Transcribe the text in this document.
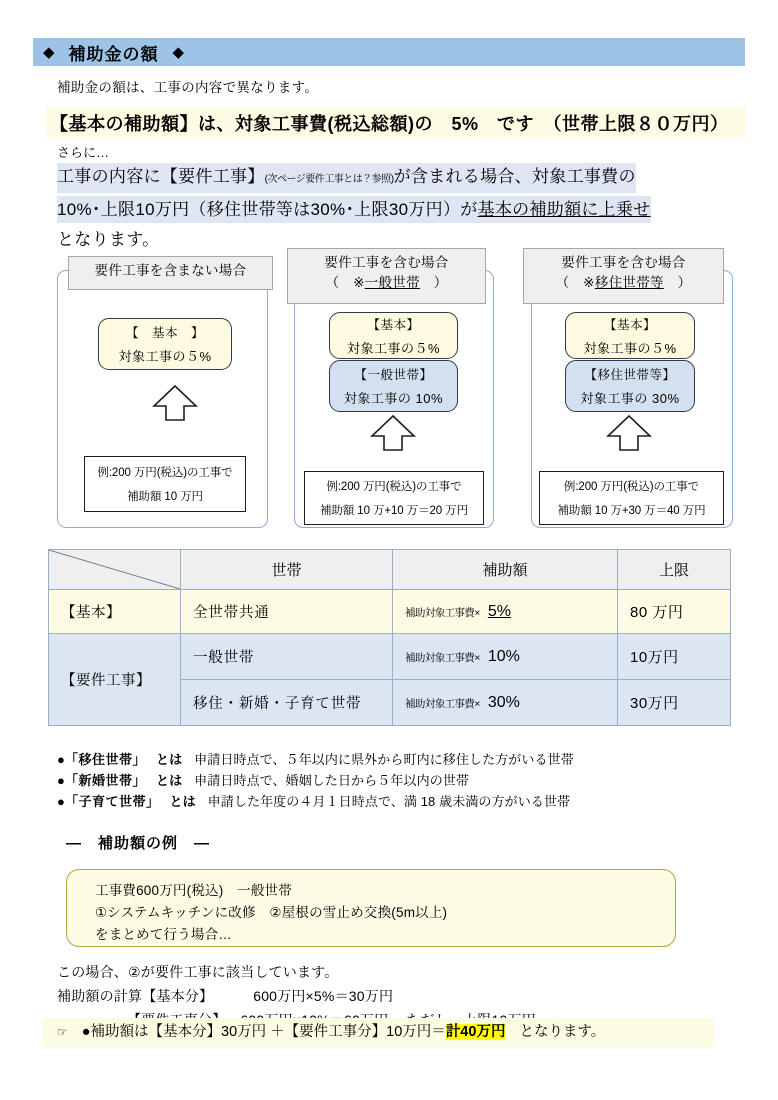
◆ 補助金の額 ◆
補助金の額は、工事の内容で異なります。
【基本の補助額】は、対象工事費(税込総額)の　5%　です　（世帯上限８０万円）
さらに…
工事の内容に【要件工事】(次ページ要件工事とは？参照)が含まれる場合、対象工事費の
10%･上限10万円（移住世帯等は30%･上限30万円）が基本の補助額に上乗せ
となります。
要件工事を含まない場合
要件工事を含む場合
（　※一般世帯　）
要件工事を含む場合
（　※移住世帯等　）
【　基本　】
対象工事の５%
【基本】
対象工事の５%
【一般世帯】
対象工事の 10%
【基本】
対象工事の５%
【移住世帯等】
対象工事の 30%
例:200 万円(税込)の工事で
補助額 10 万円
例:200 万円(税込)の工事で
補助額 10 万+10 万＝20 万円
例:200 万円(税込)の工事で
補助額 10 万+30 万＝40 万円
	世帯	補助額	上限
【基本】	全世帯共通	補助対象工事費× 5%	80 万円
【要件工事】	一般世帯	補助対象工事費× 10%	10万円
	移住・新婚・子育て世帯	補助対象工事費× 30%	30万円
●「移住世帯」 とは 申請日時点で、５年以内に県外から町内に移住した方がいる世帯
●「新婚世帯」 とは 申請日時点で、婚姻した日から５年以内の世帯
●「子育て世帯」 とは 申請した年度の４月１日時点で、満 18 歳未満の方がいる世帯
―　補助額の例　―
工事費600万円(税込)　一般世帯
①システムキッチンに改修　②屋根の雪止め交換(5m以上)
をまとめて行う場合…
この場合、②が要件工事に該当しています。
補助額の計算【基本分】	600万円×5%＝30万円
☞ ●補助額は【基本分】30万円 ＋【要件工事分】10万円＝計40万円 となります。
